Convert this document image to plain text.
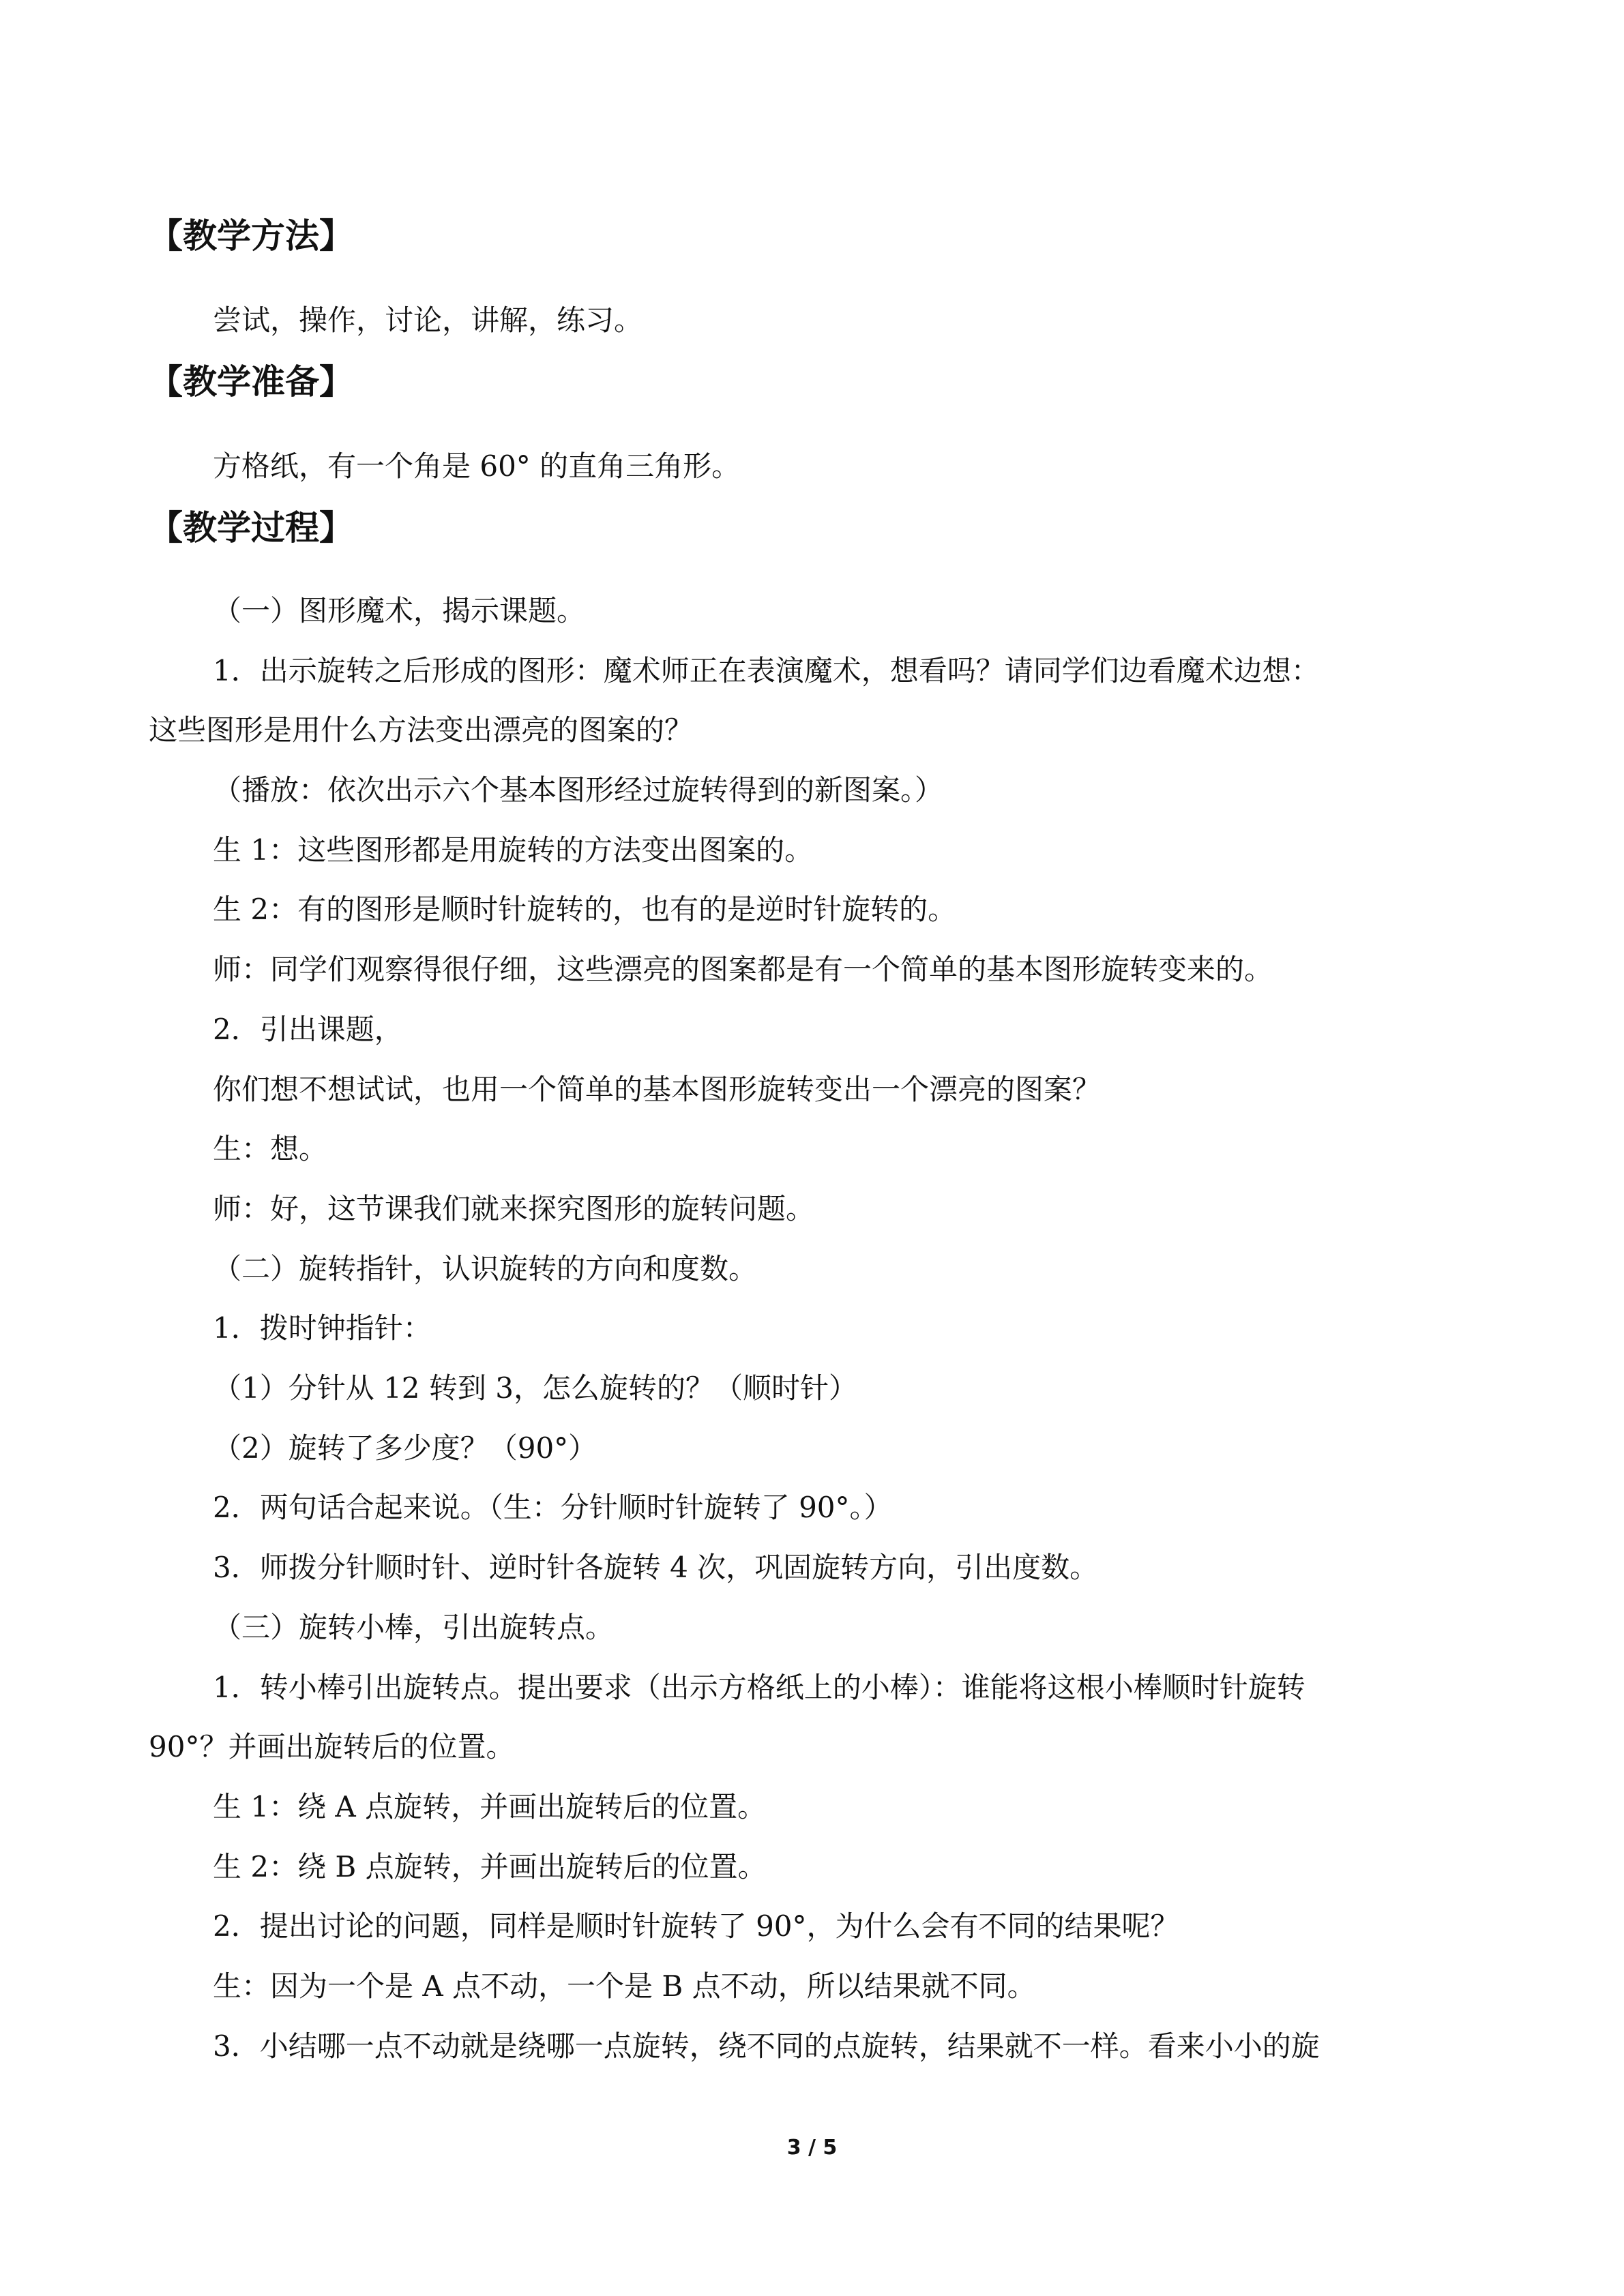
【教学方法】
尝试，操作，讨论，讲解，练习。
【教学准备】
方格纸，有一个角是 60° 的直角三角形。
【教学过程】
（一）图形魔术，揭示课题。
1．出示旋转之后形成的图形：魔术师正在表演魔术，想看吗？请同学们边看魔术边想：
这些图形是用什么方法变出漂亮的图案的？
（播放：依次出示六个基本图形经过旋转得到的新图案。）
生 1：这些图形都是用旋转的方法变出图案的。
生 2：有的图形是顺时针旋转的，也有的是逆时针旋转的。
师：同学们观察得很仔细，这些漂亮的图案都是有一个简单的基本图形旋转变来的。
2．引出课题，
你们想不想试试，也用一个简单的基本图形旋转变出一个漂亮的图案？
生：想。
师：好，这节课我们就来探究图形的旋转问题。
（二）旋转指针，认识旋转的方向和度数。
1．拨时钟指针：
（1）分针从 12 转到 3，怎么旋转的？（顺时针）
（2）旋转了多少度？（90°）
2．两句话合起来说。（生：分针顺时针旋转了 90°。）
3．师拨分针顺时针、逆时针各旋转 4 次，巩固旋转方向，引出度数。
（三）旋转小棒，引出旋转点。
1．转小棒引出旋转点。提出要求（出示方格纸上的小棒）：谁能将这根小棒顺时针旋转
90°？并画出旋转后的位置。
生 1：绕 A 点旋转，并画出旋转后的位置。
生 2：绕 B 点旋转，并画出旋转后的位置。
2．提出讨论的问题，同样是顺时针旋转了 90°，为什么会有不同的结果呢？
生：因为一个是 A 点不动，一个是 B 点不动，所以结果就不同。
3．小结哪一点不动就是绕哪一点旋转，绕不同的点旋转，结果就不一样。看来小小的旋
3 / 5
